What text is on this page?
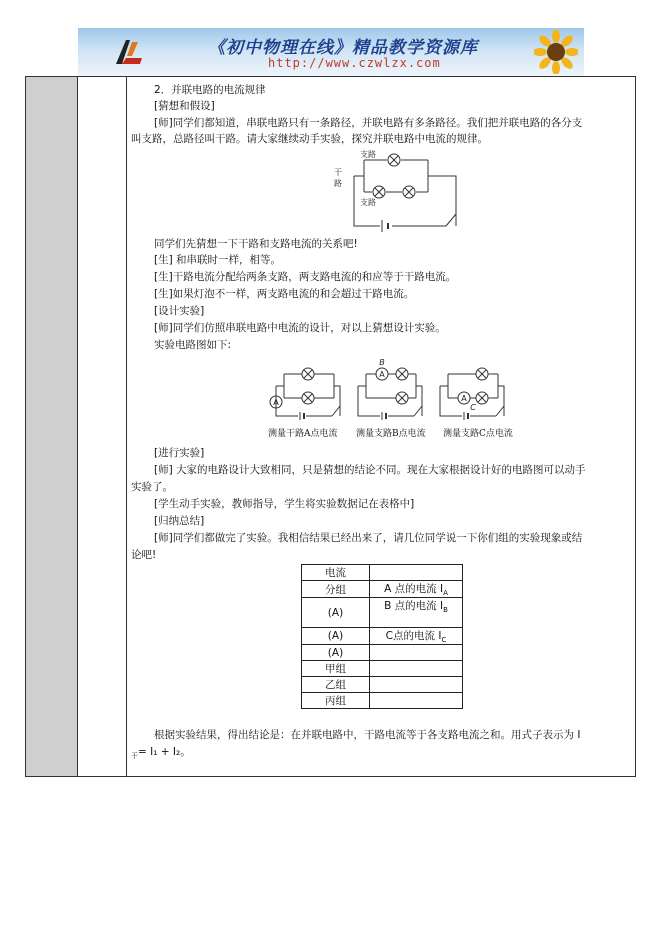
《初中物理在线》精品教学资源库
http://www.czwlzx.com
2．并联电路的电流规律
[猜想和假设]
[师]同学们都知道，串联电路只有一条路径，并联电路有多条路径。我们把并联电路的各分支
叫支路，总路径叫干路。请大家继续动手实验，探究并联电路中电流的规律。
支路
支路
干
路
同学们先猜想一下干路和支路电流的关系吧!
[生] 和串联时一样，相等。
[生]干路电流分配给两条支路，两支路电流的和应等于干路电流。
[生]如果灯泡不一样，两支路电流的和会超过干路电流。
[设计实验]
[师]同学们仿照串联电路中电流的设计，对以上猜想设计实验。
实验电路图如下:
A
A
A
B
C
测量干路A点电流 测量支路B点电流 测量支路C点电流
[进行实验]
[师] 大家的电路设计大致相同，只是猜想的结论不同。现在大家根据设计好的电路图可以动手
实验了。
[学生动手实验，教师指导，学生将实验数据记在表格中]
[归纳总结]
[师]同学们都做完了实验。我相信结果已经出来了，请几位同学说一下你们组的实验现象或结
论吧!
电流	
分组	A 点的电流 $I_A$
(A)	B 点的电流 $I_B$
(A)	C点的电流 $I_C$
(A)	
甲组	
乙组	
丙组	
根据实验结果，得出结论是：在并联电路中，干路电流等于各支路电流之和。用式子表示为 I
$_干$= I₁ + I₂。
